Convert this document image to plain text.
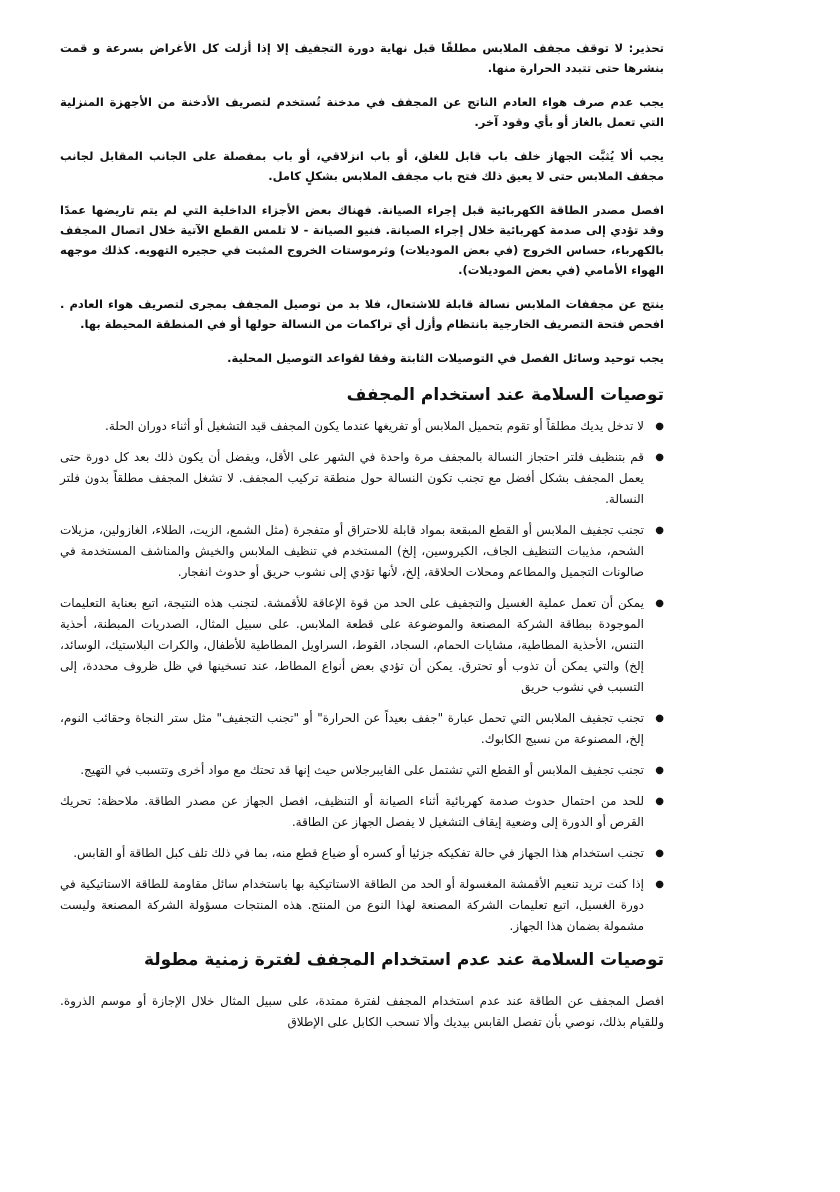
تحذير: لا توقف مجفف الملابس مطلقًا قبل نهاية دورة التجفيف إلا إذا أزلت كل الأغراض بسرعة و قمت بنشرها حتى تتبدد الحرارة منها.

يجب عدم صرف هواء العادم الناتج عن المجفف في مدخنة تُستخدم لتصريف الأدخنة من الأجهزة المنزلية التي تعمل بالغاز أو بأي وقود آخر.

يجب ألا يُثبَّت الجهاز خلف باب قابل للغلق، أو باب انزلاقي، أو باب بمفصلة على الجانب المقابل لجانب مجفف الملابس حتى لا يعيق ذلك فتح باب مجفف الملابس بشكلٍ كامل.

افصل مصدر الطاقة الكهربائية قبل إجراء الصيانة. فهناك بعض الأجزاء الداخلية التي لم يتم تاريضها عمدًا وقد تؤدي إلى صدمة كهربائية خلال إجراء الصيانة. فنيو الصيانة - لا تلمس القطع الآتية خلال اتصال المجفف بالكهرباء، حساس الخروج (في بعض الموديلات) وثرموستات الخروج المثبت في حجيره التهويه. كذلك موجهه الهواء الأمامي (في بعض الموديلات).

ينتج عن مجففات الملابس نسالة قابلة للاشتعال، فلا بد من توصيل المجفف بمجرى لتصريف هواء العادم . افحص فتحة التصريف الخارجية بانتظام وأزل أي تراكمات من النسالة حولها أو في المنطقة المحيطة بها.

يجب توحيد وسائل الفصل في التوصيلات الثابتة وفقا لقواعد التوصيل المحلية.

توصيات السلامة عند استخدام المجفف
●
لا تدخل يديك مطلقاً أو تقوم بتحميل الملابس أو تفريغها عندما يكون المجفف قيد التشغيل أو أثناء دوران الحلة.
●
قم بتنظيف فلتر احتجاز النسالة بالمجفف مرة واحدة في الشهر على الأقل، ويفضل أن يكون ذلك بعد كل دورة حتى يعمل المجفف بشكل أفضل مع تجنب تكون النسالة حول منطقة تركيب المجفف. لا تشغل المجفف مطلقاً بدون فلتر النسالة.
●
تجنب تجفيف الملابس أو القطع المبقعة بمواد قابلة للاحتراق أو متفجرة (مثل الشمع، الزيت، الطلاء، الغازولين، مزيلات الشحم، مذيبات التنظيف الجاف، الكيروسين، إلخ) المستخدم في تنظيف الملابس والخيش والمناشف المستخدمة في صالونات التجميل والمطاعم ومحلات الحلاقة، إلخ، لأنها تؤدي إلى نشوب حريق أو حدوث انفجار.
●
يمكن أن تعمل عملية الغسيل والتجفيف على الحد من قوة الإعاقة للأقمشة. لتجنب هذه النتيجة، اتبع بعناية التعليمات الموجودة ببطاقة الشركة المصنعة والموضوعة على قطعة الملابس. على سبيل المثال، الصدريات المبطنة، أحذية التنس، الأحذية المطاطية، مشايات الحمام، السجاد، القوط، السراويل المطاطية للأطفال، والكرات البلاستيك، الوسائد، إلخ) والتي يمكن أن تذوب أو تحترق. يمكن أن تؤدي بعض أنواع المطاط، عند تسخينها في ظل ظروف محددة، إلى التسبب في نشوب حريق
●
تجنب تجفيف الملابس التي تحمل عبارة "جفف بعيداً عن الحرارة" أو "تجنب التجفيف" مثل ستر النجاة وحقائب النوم، إلخ، المصنوعة من نسيج الكابوك.
●
تجنب تجفيف الملابس أو القطع التي تشتمل على الفايبرجلاس حيث إنها قد تحتك مع مواد أخرى وتتسبب في التهيج.
●
للحد من احتمال حدوث صدمة كهربائية أثناء الصيانة أو التنظيف، افصل الجهاز عن مصدر الطاقة. ملاحظة: تحريك القرص أو الدورة إلى وضعية إيقاف التشغيل لا يفصل الجهاز عن الطاقة.
●
تجنب استخدام هذا الجهاز في حالة تفكيكه جزئيا أو كسره أو ضياع قطع منه، بما في ذلك تلف كبل الطاقة أو القابس.
●
إذا كنت تريد تنعيم الأقمشة المغسولة أو الحد من الطاقة الاستاتيكية بها باستخدام سائل مقاومة للطاقة الاستاتيكية في دورة الغسيل، اتبع تعليمات الشركة المصنعة لهذا النوع من المنتج. هذه المنتجات مسؤولة الشركة المصنعة وليست مشمولة بضمان هذا الجهاز.
توصيات السلامة عند عدم استخدام المجفف لفترة زمنية مطولة

افصل المجفف عن الطاقة عند عدم استخدام المجفف لفترة ممتدة، على سبيل المثال خلال الإجازة أو موسم الذروة. وللقيام بذلك، نوصي بأن تفصل القابس بيديك وألا تسحب الكابل على الإطلاق
